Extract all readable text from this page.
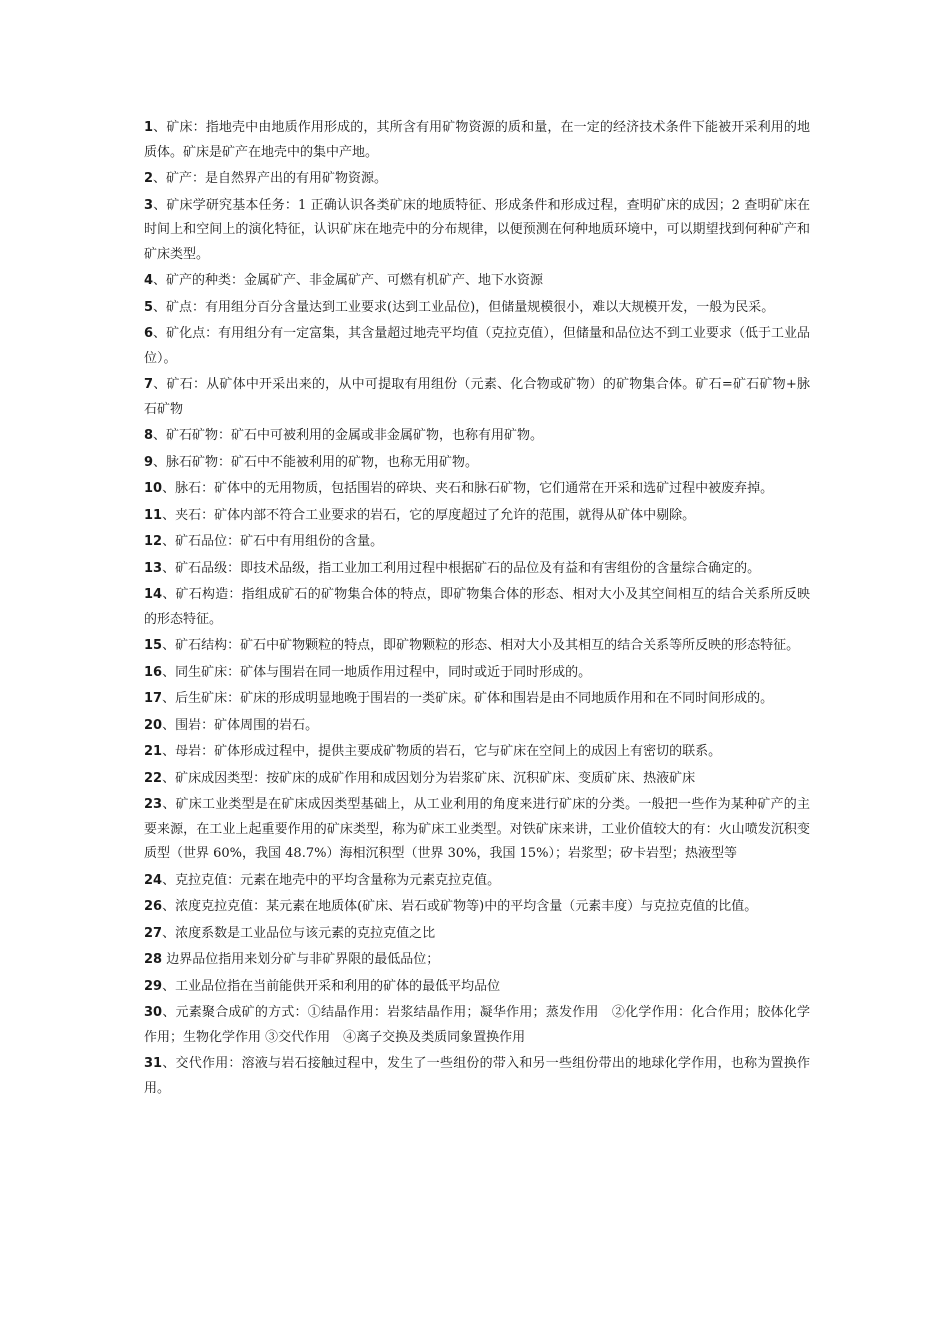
1、矿床：指地壳中由地质作用形成的，其所含有用矿物资源的质和量，在一定的经济技术条件下能被开采利用的地质体。矿床是矿产在地壳中的集中产地。

2、矿产：是自然界产出的有用矿物资源。

3、矿床学研究基本任务：1 正确认识各类矿床的地质特征、形成条件和形成过程，查明矿床的成因；2 查明矿床在时间上和空间上的演化特征，认识矿床在地壳中的分布规律，以便预测在何种地质环境中，可以期望找到何种矿产和矿床类型。

4、矿产的种类：金属矿产、非金属矿产、可燃有机矿产、地下水资源

5、矿点：有用组分百分含量达到工业要求(达到工业品位)，但储量规模很小，难以大规模开发，一般为民采。

6、矿化点：有用组分有一定富集，其含量超过地壳平均值（克拉克值），但储量和品位达不到工业要求（低于工业品位）。

7、矿石：从矿体中开采出来的，从中可提取有用组份（元素、化合物或矿物）的矿物集合体。矿石=矿石矿物+脉石矿物

8、矿石矿物：矿石中可被利用的金属或非金属矿物，也称有用矿物。

9、脉石矿物：矿石中不能被利用的矿物，也称无用矿物。

10、脉石：矿体中的无用物质，包括围岩的碎块、夹石和脉石矿物，它们通常在开采和选矿过程中被废弃掉。

11、夹石：矿体内部不符合工业要求的岩石，它的厚度超过了允许的范围，就得从矿体中剔除。

12、矿石品位：矿石中有用组份的含量。

13、矿石品级：即技术品级，指工业加工利用过程中根据矿石的品位及有益和有害组份的含量综合确定的。

14、矿石构造：指组成矿石的矿物集合体的特点，即矿物集合体的形态、相对大小及其空间相互的结合关系所反映的形态特征。

15、矿石结构：矿石中矿物颗粒的特点，即矿物颗粒的形态、相对大小及其相互的结合关系等所反映的形态特征。

16、同生矿床：矿体与围岩在同一地质作用过程中，同时或近于同时形成的。

17、后生矿床：矿床的形成明显地晚于围岩的一类矿床。矿体和围岩是由不同地质作用和在不同时间形成的。

20、围岩：矿体周围的岩石。

21、母岩：矿体形成过程中，提供主要成矿物质的岩石，它与矿床在空间上的成因上有密切的联系。

22、矿床成因类型：按矿床的成矿作用和成因划分为岩浆矿床、沉积矿床、变质矿床、热液矿床

23、矿床工业类型是在矿床成因类型基础上，从工业利用的角度来进行矿床的分类。一般把一些作为某种矿产的主要来源，在工业上起重要作用的矿床类型，称为矿床工业类型。对铁矿床来讲，工业价值较大的有：火山喷发沉积变质型（世界 60%，我国 48.7%）海相沉积型（世界 30%，我国 15%）；岩浆型；矽卡岩型；热液型等

24、克拉克值：元素在地壳中的平均含量称为元素克拉克值。

26、浓度克拉克值：某元素在地质体(矿床、岩石或矿物等)中的平均含量（元素丰度）与克拉克值的比值。

27、浓度系数是工业品位与该元素的克拉克值之比

28 边界品位指用来划分矿与非矿界限的最低品位；

29、工业品位指在当前能供开采和利用的矿体的最低平均品位

30、元素聚合成矿的方式：①结晶作用：岩浆结晶作用；凝华作用；蒸发作用　②化学作用：化合作用；胶体化学作用；生物化学作用 ③交代作用　④离子交换及类质同象置换作用

31、交代作用：溶液与岩石接触过程中，发生了一些组份的带入和另一些组份带出的地球化学作用，也称为置换作用。
